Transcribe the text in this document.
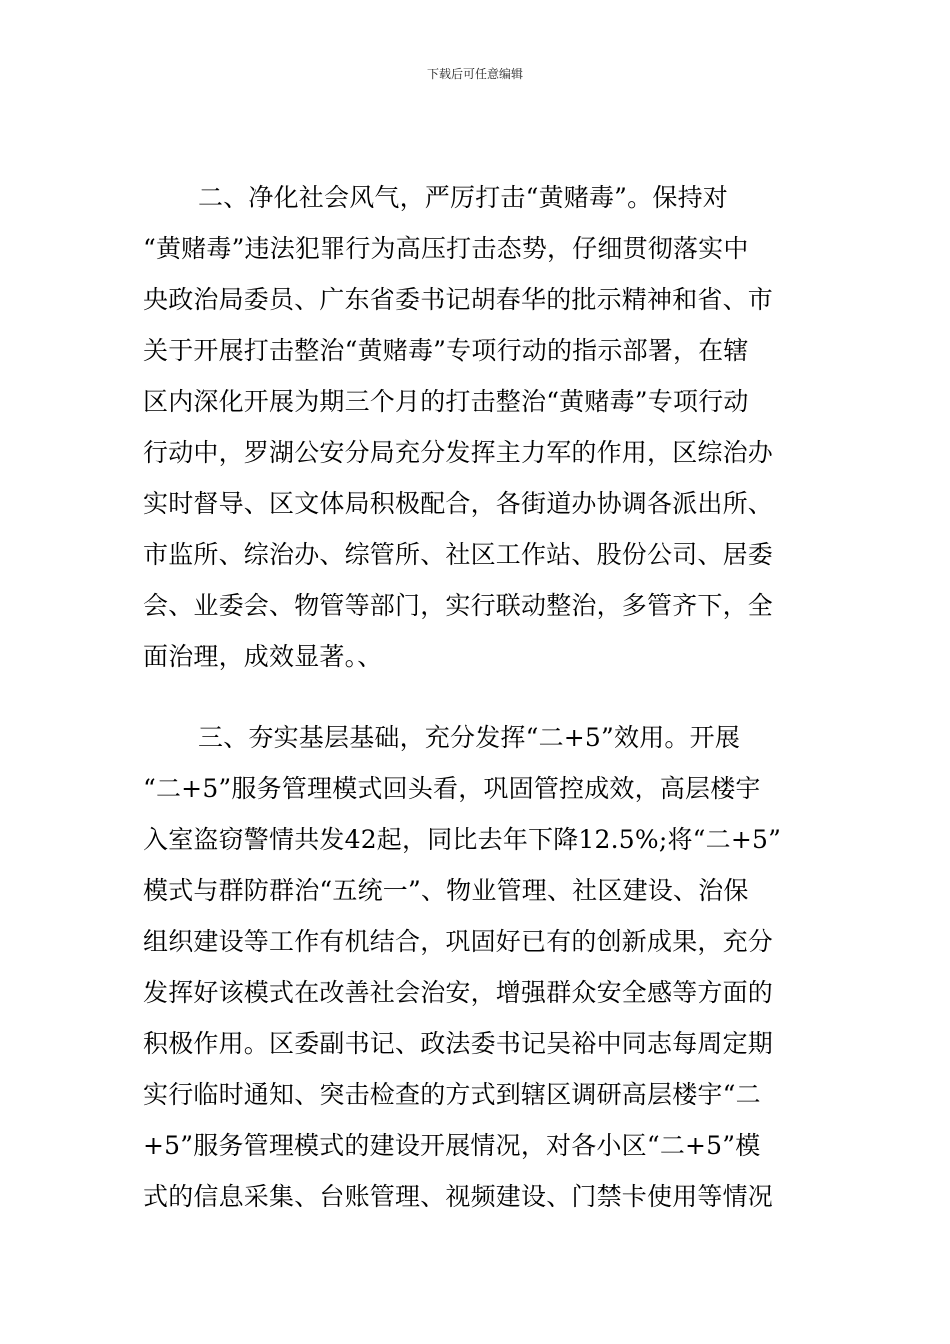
下载后可任意编辑
二、净化社会风气，严厉打击“黄赌毒”。保持对
“黄赌毒”违法犯罪行为高压打击态势，仔细贯彻落实中
央政治局委员、广东省委书记胡春华的批示精神和省、市
关于开展打击整治“黄赌毒”专项行动的指示部署，在辖
区内深化开展为期三个月的打击整治“黄赌毒”专项行动
行动中，罗湖公安分局充分发挥主力军的作用，区综治办
实时督导、区文体局积极配合，各街道办协调各派出所、
市监所、综治办、综管所、社区工作站、股份公司、居委
会、业委会、物管等部门，实行联动整治，多管齐下，全
面治理，成效显著。、
三、夯实基层基础，充分发挥“二+5”效用。开展
“二+5”服务管理模式回头看，巩固管控成效，高层楼宇
入室盗窃警情共发42起，同比去年下降12.5%;将“二+5”
模式与群防群治“五统一”、物业管理、社区建设、治保
组织建设等工作有机结合，巩固好已有的创新成果，充分
发挥好该模式在改善社会治安，增强群众安全感等方面的
积极作用。区委副书记、政法委书记吴裕中同志每周定期
实行临时通知、突击检查的方式到辖区调研高层楼宇“二
+5”服务管理模式的建设开展情况，对各小区“二+5”模
式的信息采集、台账管理、视频建设、门禁卡使用等情况
